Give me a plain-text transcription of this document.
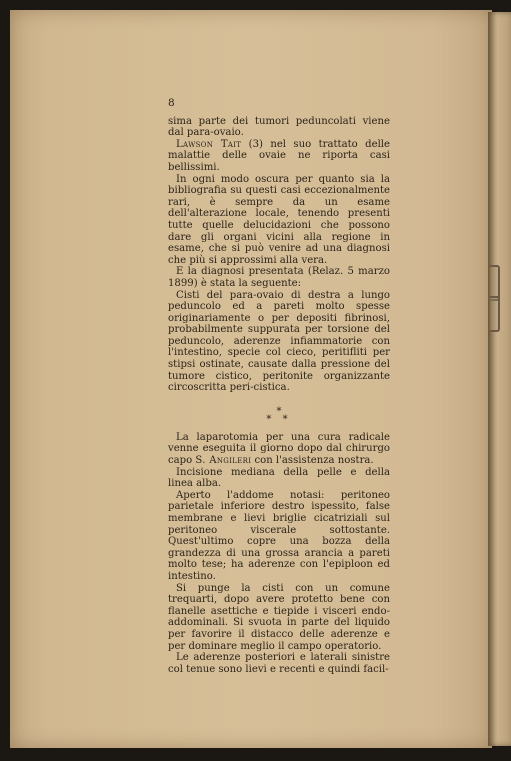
8

sima parte dei tumori peduncolati viene dal para-ovaio.

Lawson Tait (3) nel suo trattato delle malattie delle ovaie ne riporta casi bellissimi.

In ogni modo oscura per quanto sia la bibliografia su questi casi eccezionalmente rari, è sempre da un esame dell'alterazione locale, tenendo presenti tutte quelle delucidazioni che possono dare gli organi vicini alla regione in esame, che si può venire ad una diagnosi che più si approssimi alla vera.

E la diagnosi presentata (Relaz. 5 marzo 1899) è stata la seguente:

Cisti del para-ovaio di destra a lungo peduncolo ed a pareti molto spesse originariamente o per depositi fibrinosi, probabilmente suppurata per torsione del peduncolo, aderenze infiammatorie con l'intestino, specie col cieco, peritifliti per stipsi ostinate, causate dalla pressione del tumore cistico, peritonite organizzante circoscritta peri-cistica.

*
* *

La laparotomia per una cura radicale venne eseguita il giorno dopo dal chirurgo capo S. Angileri con l'assistenza nostra.

Incisione mediana della pelle e della linea alba.

Aperto l'addome notasi: peritoneo parietale inferiore destro ispessito, false membrane e lievi briglie cicatriziali sul peritoneo viscerale sottostante. Quest'ultimo copre una bozza della grandezza di una grossa arancia a pareti molto tese; ha aderenze con l'epiploon ed intestino.

Si punge la cisti con un comune trequarti, dopo avere protetto bene con flanelle asettiche e tiepide i visceri endo-addominali. Si svuota in parte del liquido per favorire il distacco delle aderenze e per dominare meglio il campo operatorio.

Le aderenze posteriori e laterali sinistre col tenue sono lievi e recenti e quindi facil-
